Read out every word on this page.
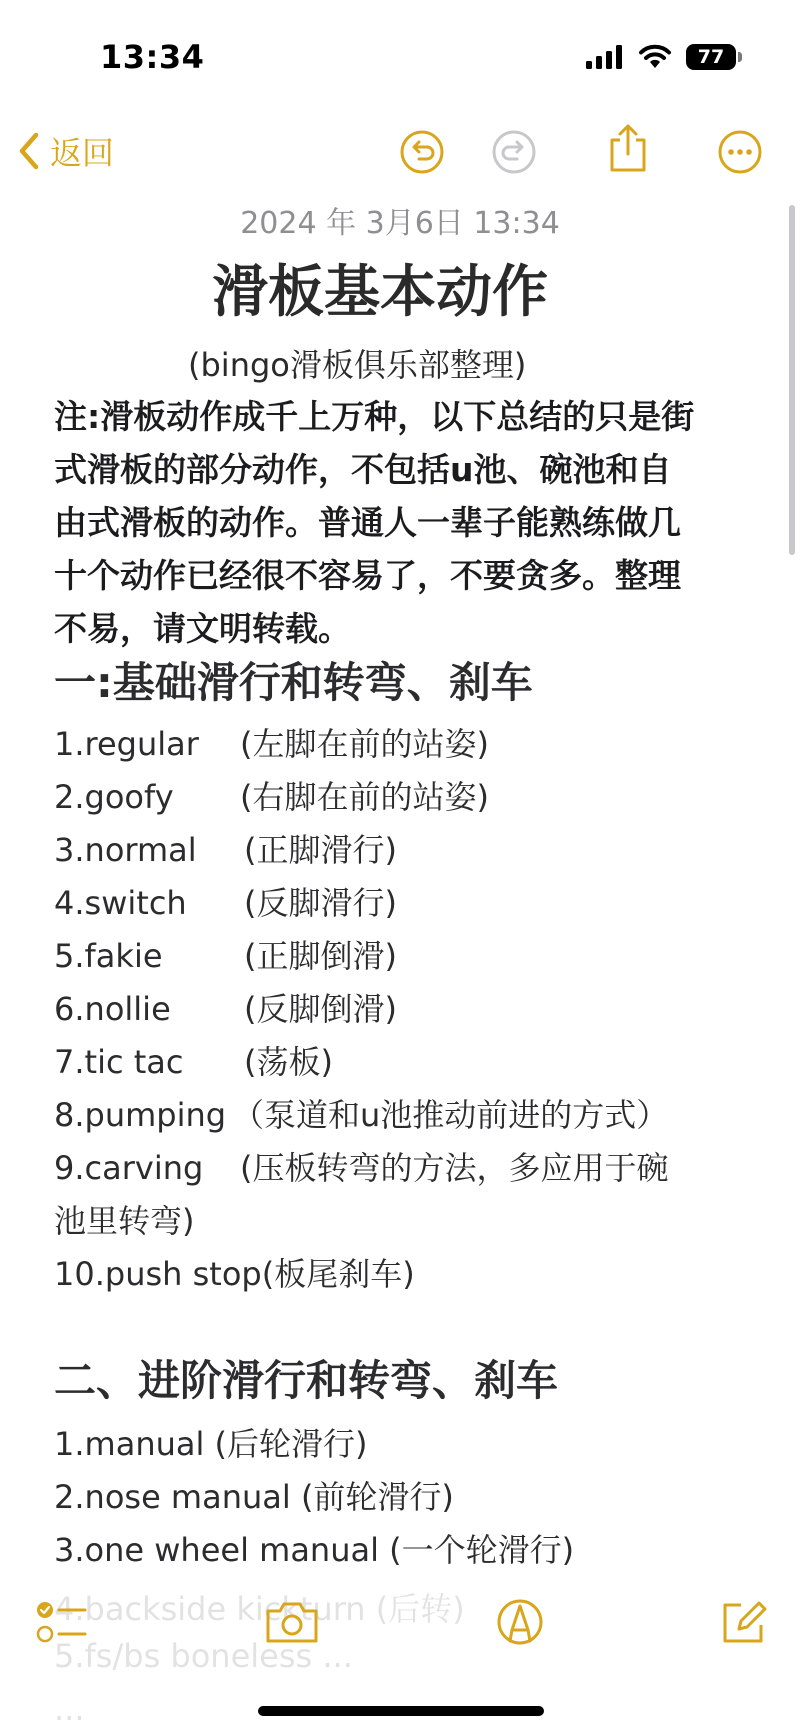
13:34	77
返回
2024 年 3月6日 13:34
滑板基本动作
(bingo滑板俱乐部整理)
注:滑板动作成千上万种，以下总结的只是街
式滑板的部分动作，不包括u池、碗池和自
由式滑板的动作。普通人一辈子能熟练做几
十个动作已经很不容易了，不要贪多。整理
不易，请文明转载。
一:基础滑行和转弯、刹车
1.regular (左脚在前的站姿)
2.goofy (右脚在前的站姿)
3.normal (正脚滑行)
4.switch (反脚滑行)
5.fakie	(正脚倒滑)
6.nollie (反脚倒滑)
7.tic tac (荡板)
8.pumping （泵道和u池推动前进的方式）
9.carving (压板转弯的方法，多应用于碗
池里转弯)
10.push stop(板尾刹车)
二、进阶滑行和转弯、刹车
1.manual (后轮滑行)
2.nose manual (前轮滑行)
3.one wheel manual (一个轮滑行)
4.backside kickturn (后转)
5.fs/bs boneless ...
...
